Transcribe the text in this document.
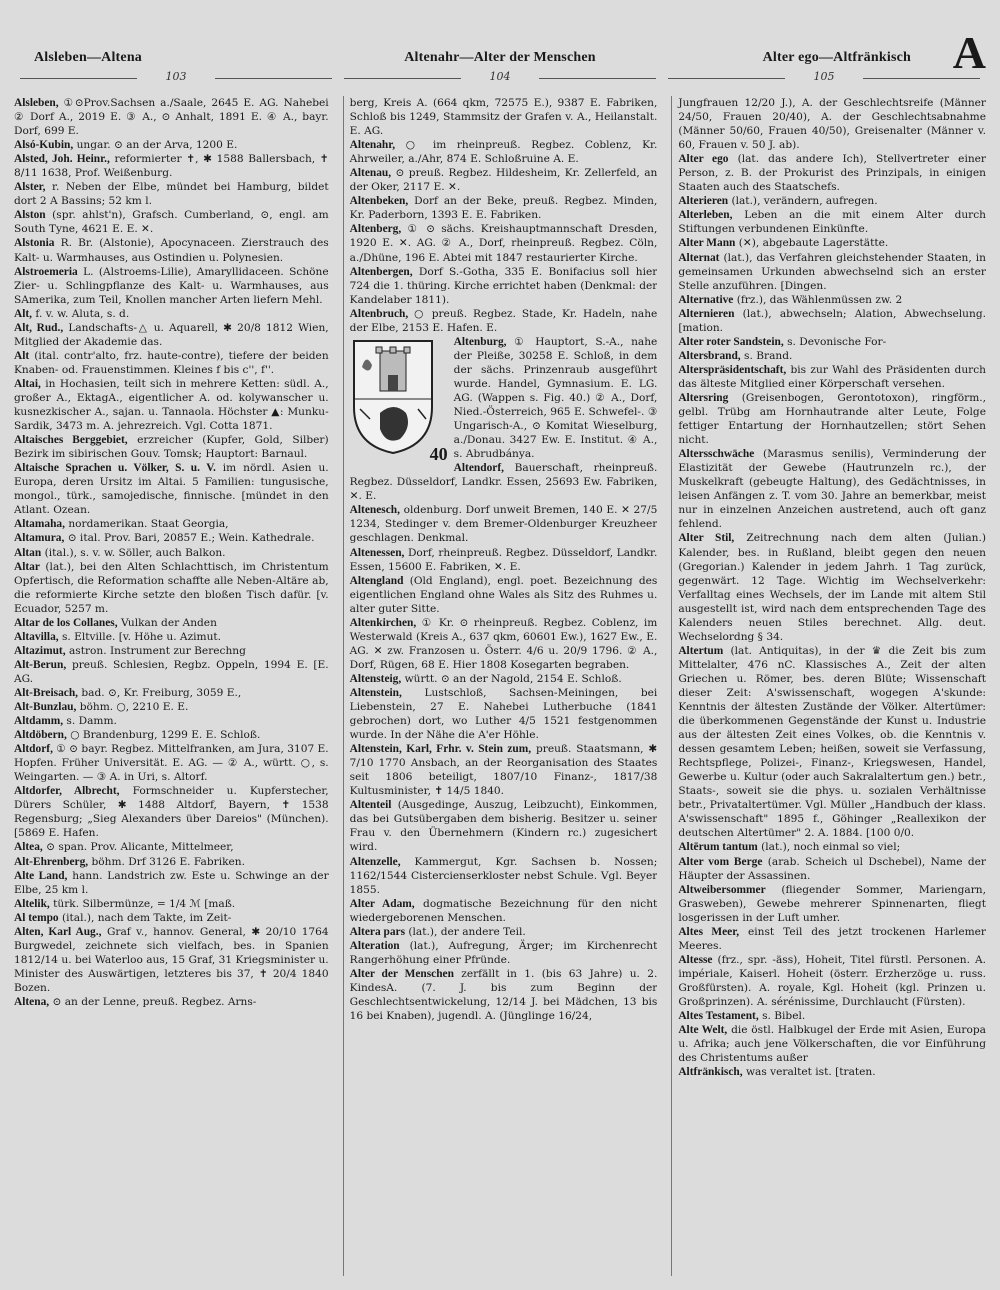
Alsleben—Altena
103
Altenahr—Alter der Menschen
104
Alter ego—Altfränkisch
105	A
Alsleben, ①⊙Prov.Sachsen a./Saale, 2645 E. AG. Nahebei ② Dorf A., 2019 E. ③ A., ⊙ Anhalt, 1891 E. ④ A., bayr. Dorf, 699 E.
Alsó-Kubin, ungar. ⊙ an der Arva, 1200 E.
Alsted, Joh. Heinr., reformierter ✝, ✱ 1588 Ballersbach, ✝ 8/11 1638, Prof. Weißenburg.
Alster, r. Neben der Elbe, mündet bei Hamburg, bildet dort 2 A Bassins; 52 km l.
Alston (spr. ahlst'n), Grafsch. Cumberland, ⊙, engl. am South Tyne, 4621 E. E. ✕.
Alstonia R. Br. (Alstonie), Apocynaceen. Zierstrauch des Kalt- u. Warmhauses, aus Ostindien u. Polynesien.
Alstroemeria L. (Alstroems-Lilie), Amaryllidaceen. Schöne Zier- u. Schlingpflanze des Kalt- u. Warmhauses, aus SAmerika, zum Teil, Knollen mancher Arten liefern Mehl.
Alt, f. v. w. Aluta, s. d.
Alt, Rud., Landschafts-△ u. Aquarell, ✱ 20/8 1812 Wien, Mitglied der Akademie das.
Alt (ital. contr'alto, frz. haute-contre), tiefere der beiden Knaben- od. Frauenstimmen. Kleines f bis c'', f''.
Altai, in Hochasien, teilt sich in mehrere Ketten: südl. A., großer A., EktagA., eigentlicher A. od. kolywanscher u. kusnezkischer A., sajan. u. Tannaola. Höchster ▲: Munku-Sardik, 3473 m. A. jehrezreich. Vgl. Cotta 1871.
Altaisches Berggebiet, erzreicher (Kupfer, Gold, Silber) Bezirk im sibirischen Gouv. Tomsk; Hauptort: Barnaul.
Altaische Sprachen u. Völker, S. u. V. im nördl. Asien u. Europa, deren Ursitz im Altai. 5 Familien: tungusische, mongol., türk., samojedische, finnische. [mündet in den Atlant. Ozean.
Altamaha, nordamerikan. Staat Georgia,
Altamura, ⊙ ital. Prov. Bari, 20857 E.; Wein. Kathedrale.
Altan (ital.), s. v. w. Söller, auch Balkon.
Altar (lat.), bei den Alten Schlachttisch, im Christentum Opfertisch, die Reformation schaffte alle Neben-Altäre ab, die reformierte Kirche setzte den bloßen Tisch dafür. [v. Ecuador, 5257 m.
Altar de los Collanes, Vulkan der Anden
Altavilla, s. Eltville. [v. Höhe u. Azimut.
Altazimut, astron. Instrument zur Berechng
Alt-Berun, preuß. Schlesien, Regbz. Oppeln, 1994 E. [E. AG.
Alt-Breisach, bad. ⊙, Kr. Freiburg, 3059 E.,
Alt-Bunzlau, böhm. ○, 2210 E. E.
Altdamm, s. Damm.
Altdöbern, ○ Brandenburg, 1299 E. E. Schloß.
Altdorf, ① ⊙ bayr. Regbez. Mittelfranken, am Jura, 3107 E. Hopfen. Früher Universität. E. AG. — ② A., württ. ○, s. Weingarten. — ③ A. in Uri, s. Altorf.
Altdorfer, Albrecht, Formschneider u. Kupferstecher, Dürers Schüler, ✱ 1488 Altdorf, Bayern, ✝ 1538 Regensburg; „Sieg Alexanders über Dareios" (München). [5869 E. Hafen.
Altea, ⊙ span. Prov. Alicante, Mittelmeer,
Alt-Ehrenberg, böhm. Drf 3126 E. Fabriken.
Alte Land, hann. Landstrich zw. Este u. Schwinge an der Elbe, 25 km l.
Altelik, türk. Silbermünze, = 1/4 ℳ [maß.
Al tempo (ital.), nach dem Takte, im Zeit-
Alten, Karl Aug., Graf v., hannov. General, ✱ 20/10 1764 Burgwedel, zeichnete sich vielfach, bes. in Spanien 1812/14 u. bei Waterloo aus, 15 Graf, 31 Kriegsminister u. Minister des Auswärtigen, letzteres bis 37, ✝ 20/4 1840 Bozen.
Altena, ⊙ an der Lenne, preuß. Regbez. Arns-
berg, Kreis A. (664 qkm, 72575 E.), 9387 E. Fabriken, Schloß bis 1249, Stammsitz der Grafen v. A., Heilanstalt. E. AG.
Altenahr, ○ im rheinpreuß. Regbez. Coblenz, Kr. Ahrweiler, a./Ahr, 874 E. Schloßruine A. E.
Altenau, ⊙ preuß. Regbez. Hildesheim, Kr. Zellerfeld, an der Oker, 2117 E. ✕.
Altenbeken, Dorf an der Beke, preuß. Regbez. Minden, Kr. Paderborn, 1393 E. E. Fabriken.
Altenberg, ① ⊙ sächs. Kreishauptmannschaft Dresden, 1920 E. ✕. AG. ② A., Dorf, rheinpreuß. Regbez. Cöln, a./Dhüne, 196 E. Abtei mit 1847 restaurierter Kirche.
Altenbergen, Dorf S.-Gotha, 335 E. Bonifacius soll hier 724 die 1. thüring. Kirche errichtet haben (Denkmal: der Kandelaber 1811).
Altenbruch, ○ preuß. Regbez. Stade, Kr. Hadeln, nahe der Elbe, 2153 E. Hafen. E.
40
Altenburg, ① Hauptort, S.-A., nahe der Pleiße, 30258 E. Schloß, in dem der sächs. Prinzenraub ausgeführt wurde. Handel, Gymnasium. E. LG. AG. (Wappen s. Fig. 40.) ② A., Dorf, Nied.-Österreich, 965 E. Schwefel-. ③ Ungarisch-A., ⊙ Komitat Wieselburg, a./Donau. 3427 Ew. E. Institut. ④ A., s. Abrudbánya.
Altendorf, Bauerschaft, rheinpreuß. Regbez. Düsseldorf, Landkr. Essen, 25693 Ew. Fabriken, ✕. E.
Altenesch, oldenburg. Dorf unweit Bremen, 140 E. ✕ 27/5 1234, Stedinger v. dem Bremer-Oldenburger Kreuzheer geschlagen. Denkmal.
Altenessen, Dorf, rheinpreuß. Regbez. Düsseldorf, Landkr. Essen, 15600 E. Fabriken, ✕. E.
Altengland (Old England), engl. poet. Bezeichnung des eigentlichen England ohne Wales als Sitz des Ruhmes u. alter guter Sitte.
Altenkirchen, ① Kr. ⊙ rheinpreuß. Regbez. Coblenz, im Westerwald (Kreis A., 637 qkm, 60601 Ew.), 1627 Ew., E. AG. ✕ zw. Franzosen u. Österr. 4/6 u. 20/9 1796. ② A., Dorf, Rügen, 68 E. Hier 1808 Kosegarten begraben.
Altensteig, württ. ⊙ an der Nagold, 2154 E. Schloß.
Altenstein, Lustschloß, Sachsen-Meiningen, bei Liebenstein, 27 E. Nahebei Lutherbuche (1841 gebrochen) dort, wo Luther 4/5 1521 festgenommen wurde. In der Nähe die A'er Höhle.
Altenstein, Karl, Frhr. v. Stein zum, preuß. Staatsmann, ✱ 7/10 1770 Ansbach, an der Reorganisation des Staates seit 1806 beteiligt, 1807/10 Finanz-, 1817/38 Kultusminister, ✝ 14/5 1840.
Altenteil (Ausgedinge, Auszug, Leibzucht), Einkommen, das bei Gutsübergaben dem bisherig. Besitzer u. seiner Frau v. den Übernehmern (Kindern rc.) zugesichert wird.
Altenzelle, Kammergut, Kgr. Sachsen b. Nossen; 1162/1544 Cistercienserkloster nebst Schule. Vgl. Beyer 1855.
Alter Adam, dogmatische Bezeichnung für den nicht wiedergeborenen Menschen.
Altera pars (lat.), der andere Teil.
Alteration (lat.), Aufregung, Ärger; im Kirchenrecht Rangerhöhung einer Pfründe.
Alter der Menschen zerfällt in 1. (bis 63 Jahre) u. 2. KindesA. (7. J. bis zum Beginn der Geschlechtsentwickelung, 12/14 J. bei Mädchen, 13 bis 16 bei Knaben), jugendl. A. (Jünglinge 16/24,
Jungfrauen 12/20 J.), A. der Geschlechtsreife (Männer 24/50, Frauen 20/40), A. der Geschlechtsabnahme (Männer 50/60, Frauen 40/50), Greisenalter (Männer v. 60, Frauen v. 50 J. ab).
Alter ego (lat. das andere Ich), Stellvertreter einer Person, z. B. der Prokurist des Prinzipals, in einigen Staaten auch des Staatschefs.
Alterieren (lat.), verändern, aufregen.
Alterleben, Leben an die mit einem Alter durch Stiftungen verbundenen Einkünfte.
Alter Mann (✕), abgebaute Lagerstätte.
Alternat (lat.), das Verfahren gleichstehender Staaten, in gemeinsamen Urkunden abwechselnd sich an erster Stelle anzuführen. [Dingen.
Alternative (frz.), das Wählenmüssen zw. 2
Alternieren (lat.), abwechseln; Alation, Abwechselung. [mation.
Alter roter Sandstein, s. Devonische For-
Altersbrand, s. Brand.
Alterspräsidentschaft, bis zur Wahl des Präsidenten durch das älteste Mitglied einer Körperschaft versehen.
Altersring (Greisenbogen, Gerontotoxon), ringförm., gelbl. Trübg am Hornhautrande alter Leute, Folge fettiger Entartung der Hornhautzellen; stört Sehen nicht.
Altersschwäche (Marasmus senilis), Verminderung der Elastizität der Gewebe (Hautrunzeln rc.), der Muskelkraft (gebeugte Haltung), des Gedächtnisses, in leisen Anfängen z. T. vom 30. Jahre an bemerkbar, meist nur in einzelnen Anzeichen austretend, auch oft ganz fehlend.
Alter Stil, Zeitrechnung nach dem alten (Julian.) Kalender, bes. in Rußland, bleibt gegen den neuen (Gregorian.) Kalender in jedem Jahrh. 1 Tag zurück, gegenwärt. 12 Tage. Wichtig im Wechselverkehr: Verfalltag eines Wechsels, der im Lande mit altem Stil ausgestellt ist, wird nach dem entsprechenden Tage des Kalenders neuen Stiles berechnet. Allg. deut. Wechselordng § 34.
Altertum (lat. Antiquitas), in der ♛ die Zeit bis zum Mittelalter, 476 nC. Klassisches A., Zeit der alten Griechen u. Römer, bes. deren Blüte; Wissenschaft dieser Zeit: A'swissenschaft, wogegen A'skunde: Kenntnis der ältesten Zustände der Völker. Altertümer: die überkommenen Gegenstände der Kunst u. Industrie aus der ältesten Zeit eines Volkes, ob. die Kenntnis v. dessen gesamtem Leben; heißen, soweit sie Verfassung, Rechtspflege, Polizei-, Finanz-, Kriegswesen, Handel, Gewerbe u. Kultur (oder auch Sakralaltertum gen.) betr., Staats-, soweit sie die phys. u. sozialen Verhältnisse betr., Privataltertümer. Vgl. Müller „Handbuch der klass. A'swissenschaft" 1895 f., Göhinger „Reallexikon der deutschen Altertümer" 2. A. 1884. [100 0/0.
Altērum tantum (lat.), noch einmal so viel;
Alter vom Berge (arab. Scheich ul Dschebel), Name der Häupter der Assassinen.
Altweibersommer (fliegender Sommer, Mariengarn, Grasweben), Gewebe mehrerer Spinnenarten, fliegt losgerissen in der Luft umher.
Altes Meer, einst Teil des jetzt trockenen Harlemer Meeres.
Altesse (frz., spr. -äss), Hoheit, Titel fürstl. Personen. A. impériale, Kaiserl. Hoheit (österr. Erzherzöge u. russ. Großfürsten). A. royale, Kgl. Hoheit (kgl. Prinzen u. Großprinzen). A. sérénissime, Durchlaucht (Fürsten).
Altes Testament, s. Bibel.
Alte Welt, die östl. Halbkugel der Erde mit Asien, Europa u. Afrika; auch jene Völkerschaften, die vor Einführung des Christentums außer
Altfränkisch, was veraltet ist. [traten.
